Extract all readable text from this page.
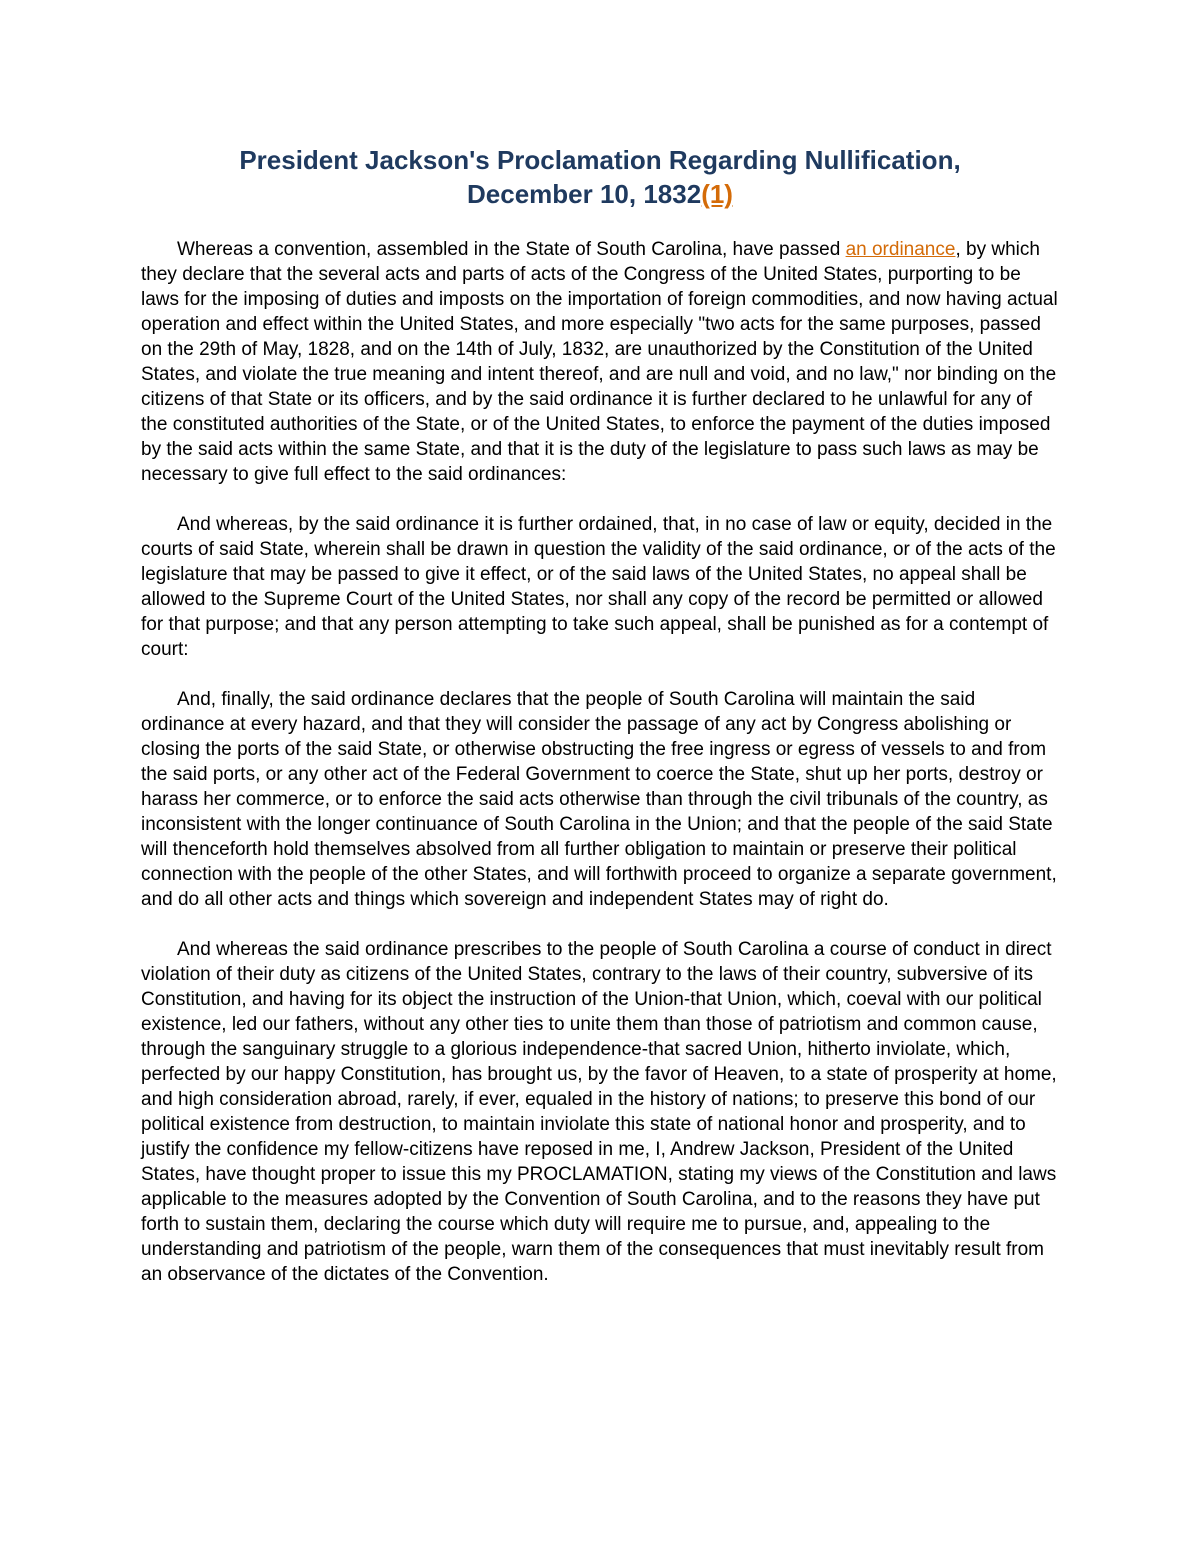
President Jackson's Proclamation Regarding Nullification,
December 10, 1832(1)

Whereas a convention, assembled in the State of South Carolina, have passed an ordinance, by which they declare that the several acts and parts of acts of the Congress of the United States, purporting to be laws for the imposing of duties and imposts on the importation of foreign commodities, and now having actual operation and effect within the United States, and more especially "two acts for the same purposes, passed on the 29th of May, 1828, and on the 14th of July, 1832, are unauthorized by the Constitution of the United States, and violate the true meaning and intent thereof, and are null and void, and no law," nor binding on the citizens of that State or its officers, and by the said ordinance it is further declared to he unlawful for any of the constituted authorities of the State, or of the United States, to enforce the payment of the duties imposed by the said acts within the same State, and that it is the duty of the legislature to pass such laws as may be necessary to give full effect to the said ordinances:

And whereas, by the said ordinance it is further ordained, that, in no case of law or equity, decided in the courts of said State, wherein shall be drawn in question the validity of the said ordinance, or of the acts of the legislature that may be passed to give it effect, or of the said laws of the United States, no appeal shall be allowed to the Supreme Court of the United States, nor shall any copy of the record be permitted or allowed for that purpose; and that any person attempting to take such appeal, shall be punished as for a contempt of court:

And, finally, the said ordinance declares that the people of South Carolina will maintain the said ordinance at every hazard, and that they will consider the passage of any act by Congress abolishing or closing the ports of the said State, or otherwise obstructing the free ingress or egress of vessels to and from the said ports, or any other act of the Federal Government to coerce the State, shut up her ports, destroy or harass her commerce, or to enforce the said acts otherwise than through the civil tribunals of the country, as inconsistent with the longer continuance of South Carolina in the Union; and that the people of the said State will thenceforth hold themselves absolved from all further obligation to maintain or preserve their political connection with the people of the other States, and will forthwith proceed to organize a separate government, and do all other acts and things which sovereign and independent States may of right do.

And whereas the said ordinance prescribes to the people of South Carolina a course of conduct in direct violation of their duty as citizens of the United States, contrary to the laws of their country, subversive of its Constitution, and having for its object the instruction of the Union-that Union, which, coeval with our political existence, led our fathers, without any other ties to unite them than those of patriotism and common cause, through the sanguinary struggle to a glorious independence-that sacred Union, hitherto inviolate, which, perfected by our happy Constitution, has brought us, by the favor of Heaven, to a state of prosperity at home, and high consideration abroad, rarely, if ever, equaled in the history of nations; to preserve this bond of our political existence from destruction, to maintain inviolate this state of national honor and prosperity, and to justify the confidence my fellow-citizens have reposed in me, I, Andrew Jackson, President of the United States, have thought proper to issue this my PROCLAMATION, stating my views of the Constitution and laws applicable to the measures adopted by the Convention of South Carolina, and to the reasons they have put forth to sustain them, declaring the course which duty will require me to pursue, and, appealing to the understanding and patriotism of the people, warn them of the consequences that must inevitably result from an observance of the dictates of the Convention.
